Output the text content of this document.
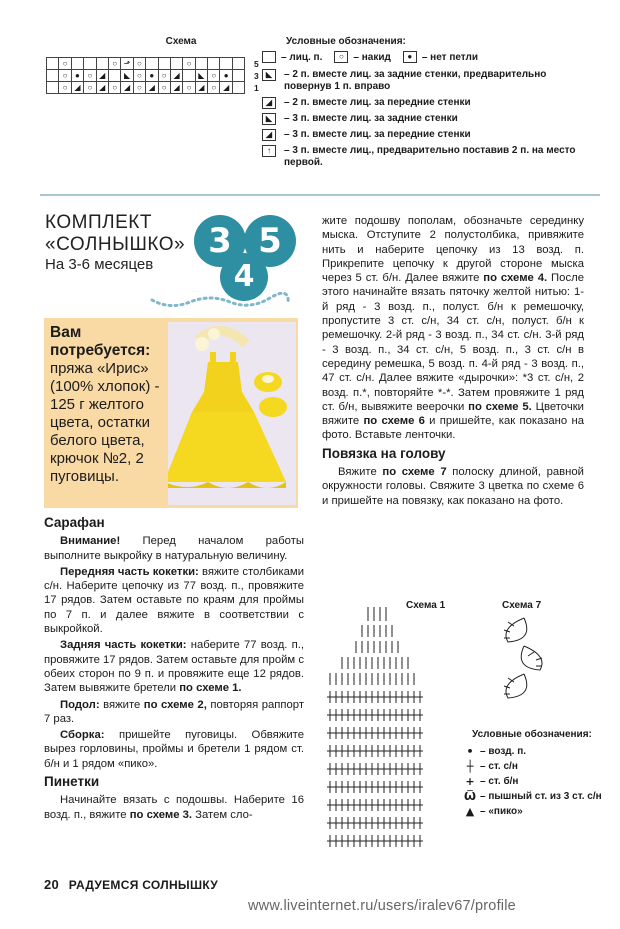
Схема
	○				○	⬏	○				○				
	○	●	○	◢		◣	○	●	○	◢		◣	○	●	
	○	◢	○	◢	○	◢	○	◢	○	◢	○	◢	○	◢	
5
3
1
Условные обозначения:
– лиц. п.	○ – накид	● – нет петли
◣	– 2 п. вместе лиц. за задние стенки, предварительно повернув 1 п. вправо
◢	– 2 п. вместе лиц. за передние стенки
◣	– 3 п. вместе лиц. за задние стенки
◢	– 3 п. вместе лиц. за передние стенки
↑	– 3 п. вместе лиц., предварительно поставив 2 п. на место первой.
КОМПЛЕКТ
«СОЛНЫШКО»
На 3-6 месяцев
3 5
4
Вам потребуется:
пряжа «Ирис» (100% хлопок) - 125 г желтого цвета, остатки белого цвета, крючок №2, 2 пуговицы.
Сарафан

Внимание! Перед началом работы выполните выкройку в натуральную величину.

Передняя часть кокетки: вяжите столбиками с/н. Наберите цепочку из 77 возд. п., провяжите 17 рядов. Затем оставьте по краям для проймы по 7 п. и далее вяжите в соответствии с выкройкой.

Задняя часть кокетки: наберите 77 возд. п., провяжите 17 рядов. Затем оставьте для пройм с обеих сторон по 9 п. и провяжите еще 12 рядов. Затем вывяжите бретели по схеме 1.

Подол: вяжите по схеме 2, повторяя раппорт 7 раз.

Сборка: пришейте пуговицы. Обвяжите вырез горловины, проймы и бретели 1 рядом ст. б/н и 1 рядом «пико».

Пинетки

Начинайте вязать с подошвы. Наберите 16 возд. п., вяжите по схеме 3. Затем сло-

жите подошву пополам, обозначьте серединку мыска. Отступите 2 полустолбика, привяжите нить и наберите цепочку из 13 возд. п. Прикрепите цепочку к другой стороне мыска через 5 ст. б/н. Далее вяжите по схеме 4. После этого начинайте вязать пяточку желтой нитью: 1-й ряд - 3 возд. п., полуст. б/н к ремешочку, пропустите 3 ст. с/н, 34 ст. с/н, полуст. б/н к ремешочку. 2-й ряд - 3 возд. п., 34 ст. с/н. 3-й ряд - 3 возд. п., 34 ст. с/н, 5 возд. п., 3 ст. с/н в середину ремешка, 5 возд. п. 4-й ряд - 3 возд. п., 47 ст. с/н. Далее вяжите «дырочки»: *3 ст. с/н, 2 возд. п.*, повторяйте *-*. Затем провяжите 1 ряд ст. б/н, вывяжите веерочки по схеме 5. Цветочки вяжите по схеме 6 и пришейте, как показано на фото. Вставьте ленточки.

Повязка на голову

Вяжите по схеме 7 полоску длиной, равной окружности головы. Свяжите 3 цветка по схеме 6 и пришейте на повязку, как показано на фото.

Схема 1	Схема 7
Условные обозначения:
• – возд. п.
┼ – ст. с/н
+ – ст. б/н
Ѿ – пышный ст. из 3 ст. с/н
▲ – «пико»
20 РАДУЕМСЯ СОЛНЫШКУ
www.liveinternet.ru/users/iralev67/profile
